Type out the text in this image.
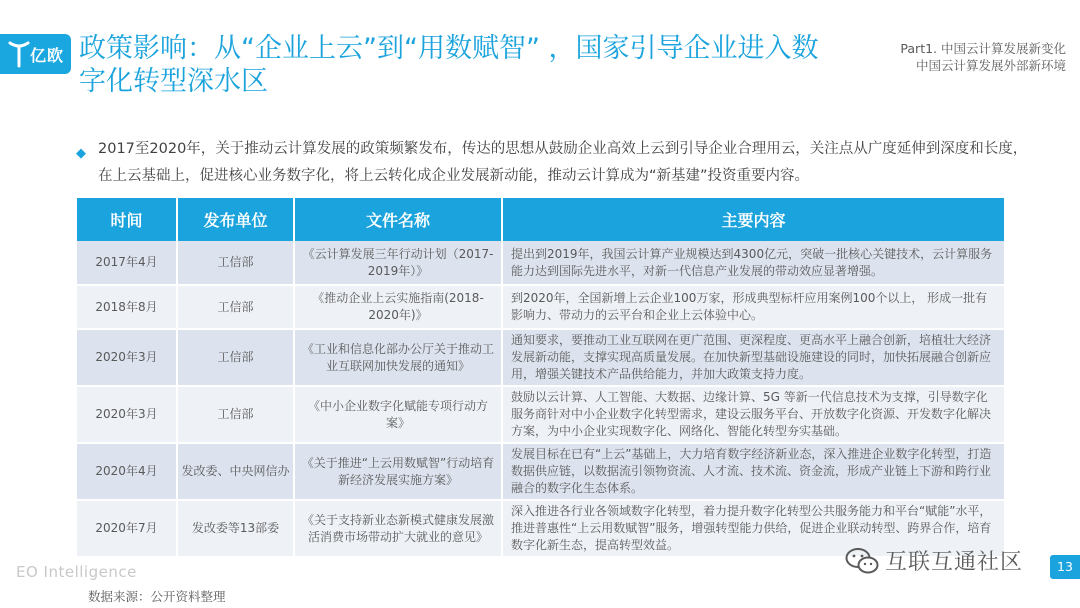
亿欧 政策影响：从“企业上云”到“用数赋智” ，国家引导企业进入数字化转型深水区
Part1. 中国云计算发展新变化
中国云计算发展外部新环境
◆ 2017至2020年，关于推动云计算发展的政策频繁发布，传达的思想从鼓励企业高效上云到引导企业合理用云，关注点从广度延伸到深度和长度，在上云基础上，促进核心业务数字化，将上云转化成企业发展新动能，推动云计算成为“新基建”投资重要内容。
时间	发布单位	文件名称	主要内容
2017年4月	工信部	《云计算发展三年行动计划（2017-2019年）》	提出到2019年，我国云计算产业规模达到4300亿元，突破一批核心关键技术，云计算服务能力达到国际先进水平，对新一代信息产业发展的带动效应显著增强。
2018年8月	工信部	《推动企业上云实施指南(2018-2020年)》	到2020年，全国新增上云企业100万家，形成典型标杆应用案例100个以上， 形成一批有影响力、带动力的云平台和企业上云体验中心。
2020年3月	工信部	《工业和信息化部办公厅关于推动工业互联网加快发展的通知》	通知要求，要推动工业互联网在更广范围、更深程度、更高水平上融合创新，培植壮大经济发展新动能，支撑实现高质量发展。在加快新型基础设施建设的同时，加快拓展融合创新应用，增强关键技术产品供给能力，并加大政策支持力度。
2020年3月	工信部	《中小企业数字化赋能专项行动方案》	鼓励以云计算、人工智能、大数据、边缘计算、5G 等新一代信息技术为支撑，引导数字化服务商针对中小企业数字化转型需求，建设云服务平台、开放数字化资源、开发数字化解决方案，为中小企业实现数字化、网络化、智能化转型夯实基础。
2020年4月	发改委、中央网信办	《关于推进“上云用数赋智”行动培育新经济发展实施方案》	发展目标在已有“上云”基础上，大力培育数字经济新业态，深入推进企业数字化转型，打造数据供应链，以数据流引领物资流、人才流、技术流、资金流，形成产业链上下游和跨行业融合的数字化生态体系。
2020年7月	发改委等13部委	《关于支持新业态新模式健康发展激活消费市场带动扩大就业的意见》	深入推进各行业各领域数字化转型，着力提升数字化转型公共服务能力和平台“赋能”水平，推进普惠性“上云用数赋智”服务，增强转型能力供给，促进企业联动转型、跨界合作，培育数字化新生态，提高转型效益。
EO Intelligence
数据来源：公开资料整理
互联互通社区	13
